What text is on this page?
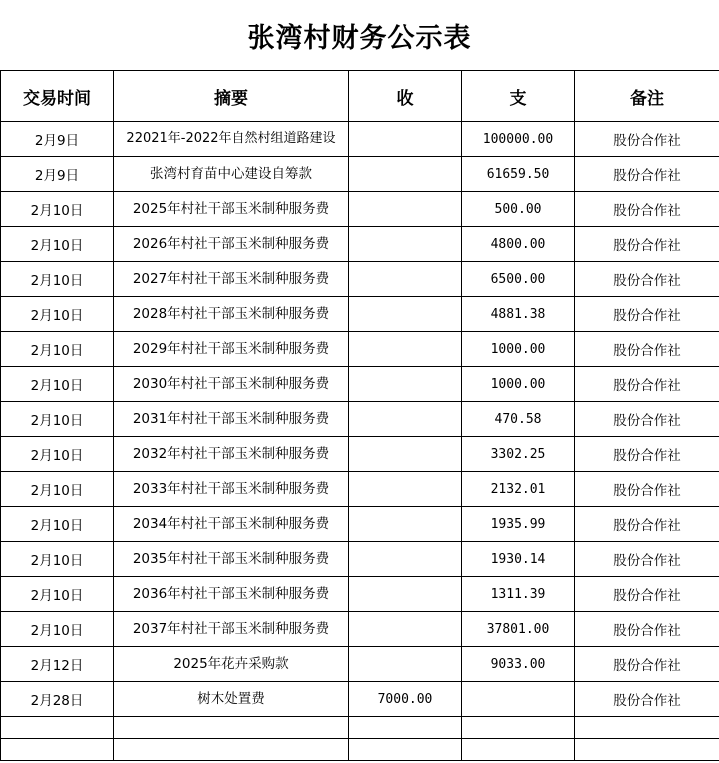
张湾村财务公示表
交易时间	摘要	收	支	备注
2月9日	22021年-2022年自然村组道路建设		100000.00	股份合作社
2月9日	张湾村育苗中心建设自筹款		61659.50	股份合作社
2月10日	2025年村社干部玉米制种服务费		500.00	股份合作社
2月10日	2026年村社干部玉米制种服务费		4800.00	股份合作社
2月10日	2027年村社干部玉米制种服务费		6500.00	股份合作社
2月10日	2028年村社干部玉米制种服务费		4881.38	股份合作社
2月10日	2029年村社干部玉米制种服务费		1000.00	股份合作社
2月10日	2030年村社干部玉米制种服务费		1000.00	股份合作社
2月10日	2031年村社干部玉米制种服务费		470.58	股份合作社
2月10日	2032年村社干部玉米制种服务费		3302.25	股份合作社
2月10日	2033年村社干部玉米制种服务费		2132.01	股份合作社
2月10日	2034年村社干部玉米制种服务费		1935.99	股份合作社
2月10日	2035年村社干部玉米制种服务费		1930.14	股份合作社
2月10日	2036年村社干部玉米制种服务费		1311.39	股份合作社
2月10日	2037年村社干部玉米制种服务费		37801.00	股份合作社
2月12日	2025年花卉采购款		9033.00	股份合作社
2月28日	树木处置费	7000.00		股份合作社
